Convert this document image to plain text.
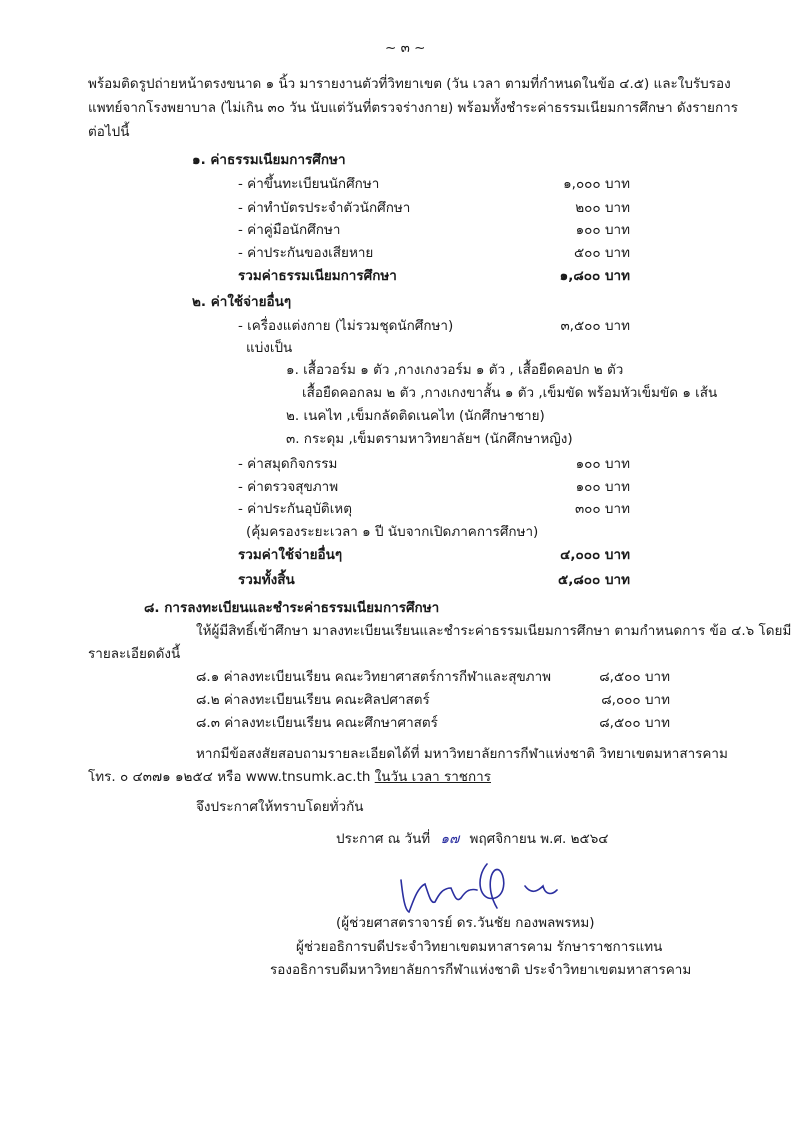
~ ๓ ~
พร้อมติดรูปถ่ายหน้าตรงขนาด ๑ นิ้ว มารายงานตัวที่วิทยาเขต (วัน เวลา ตามที่กำหนดในข้อ ๔.๕) และใบรับรอง
แพทย์จากโรงพยาบาล (ไม่เกิน ๓๐ วัน นับแต่วันที่ตรวจร่างกาย) พร้อมทั้งชำระค่าธรรมเนียมการศึกษา ดังรายการ
ต่อไปนี้
๑. ค่าธรรมเนียมการศึกษา
- ค่าขึ้นทะเบียนนักศึกษา	๑,๐๐๐ บาท
- ค่าทำบัตรประจำตัวนักศึกษา	๒๐๐ บาท
- ค่าคู่มือนักศึกษา	๑๐๐ บาท
- ค่าประกันของเสียหาย	๕๐๐ บาท
รวมค่าธรรมเนียมการศึกษา	๑,๘๐๐ บาท
๒. ค่าใช้จ่ายอื่นๆ
- เครื่องแต่งกาย (ไม่รวมชุดนักศึกษา)	๓,๕๐๐ บาท
แบ่งเป็น
๑. เสื้อวอร์ม ๑ ตัว ,กางเกงวอร์ม ๑ ตัว , เสื้อยืดคอปก ๒ ตัว
เสื้อยืดคอกลม ๒ ตัว ,กางเกงขาสั้น ๑ ตัว ,เข็มขัด พร้อมหัวเข็มขัด ๑ เส้น
๒. เนคไท ,เข็มกลัดติดเนคไท (นักศึกษาชาย)
๓. กระดุม ,เข็มตรามหาวิทยาลัยฯ (นักศึกษาหญิง)
- ค่าสมุดกิจกรรม	๑๐๐ บาท
- ค่าตรวจสุขภาพ	๑๐๐ บาท
- ค่าประกันอุบัติเหตุ	๓๐๐ บาท
(คุ้มครองระยะเวลา ๑ ปี นับจากเปิดภาคการศึกษา)
รวมค่าใช้จ่ายอื่นๆ	๔,๐๐๐ บาท
รวมทั้งสิ้น	๕,๘๐๐ บาท
๘. การลงทะเบียนและชำระค่าธรรมเนียมการศึกษา
ให้ผู้มีสิทธิ์เข้าศึกษา มาลงทะเบียนเรียนและชำระค่าธรรมเนียมการศึกษา ตามกำหนดการ ข้อ ๔.๖ โดยมี
รายละเอียดดังนี้
๘.๑ ค่าลงทะเบียนเรียน คณะวิทยาศาสตร์การกีฬาและสุขภาพ	๘,๕๐๐ บาท
๘.๒ ค่าลงทะเบียนเรียน คณะศิลปศาสตร์	๘,๐๐๐ บาท
๘.๓ ค่าลงทะเบียนเรียน คณะศึกษาศาสตร์	๘,๕๐๐ บาท
หากมีข้อสงสัยสอบถามรายละเอียดได้ที่ มหาวิทยาลัยการกีฬาแห่งชาติ วิทยาเขตมหาสารคาม
โทร. ๐ ๔๓๗๑ ๑๒๕๔ หรือ www.tnsumk.ac.th ในวัน เวลา ราชการ
จึงประกาศให้ทราบโดยทั่วกัน
ประกาศ ณ วันที่ ๑๗ พฤศจิกายน พ.ศ. ๒๕๖๔
(ผู้ช่วยศาสตราจารย์ ดร.วันชัย กองพลพรหม)
ผู้ช่วยอธิการบดีประจำวิทยาเขตมหาสารคาม รักษาราชการแทน
รองอธิการบดีมหาวิทยาลัยการกีฬาแห่งชาติ ประจำวิทยาเขตมหาสารคาม
